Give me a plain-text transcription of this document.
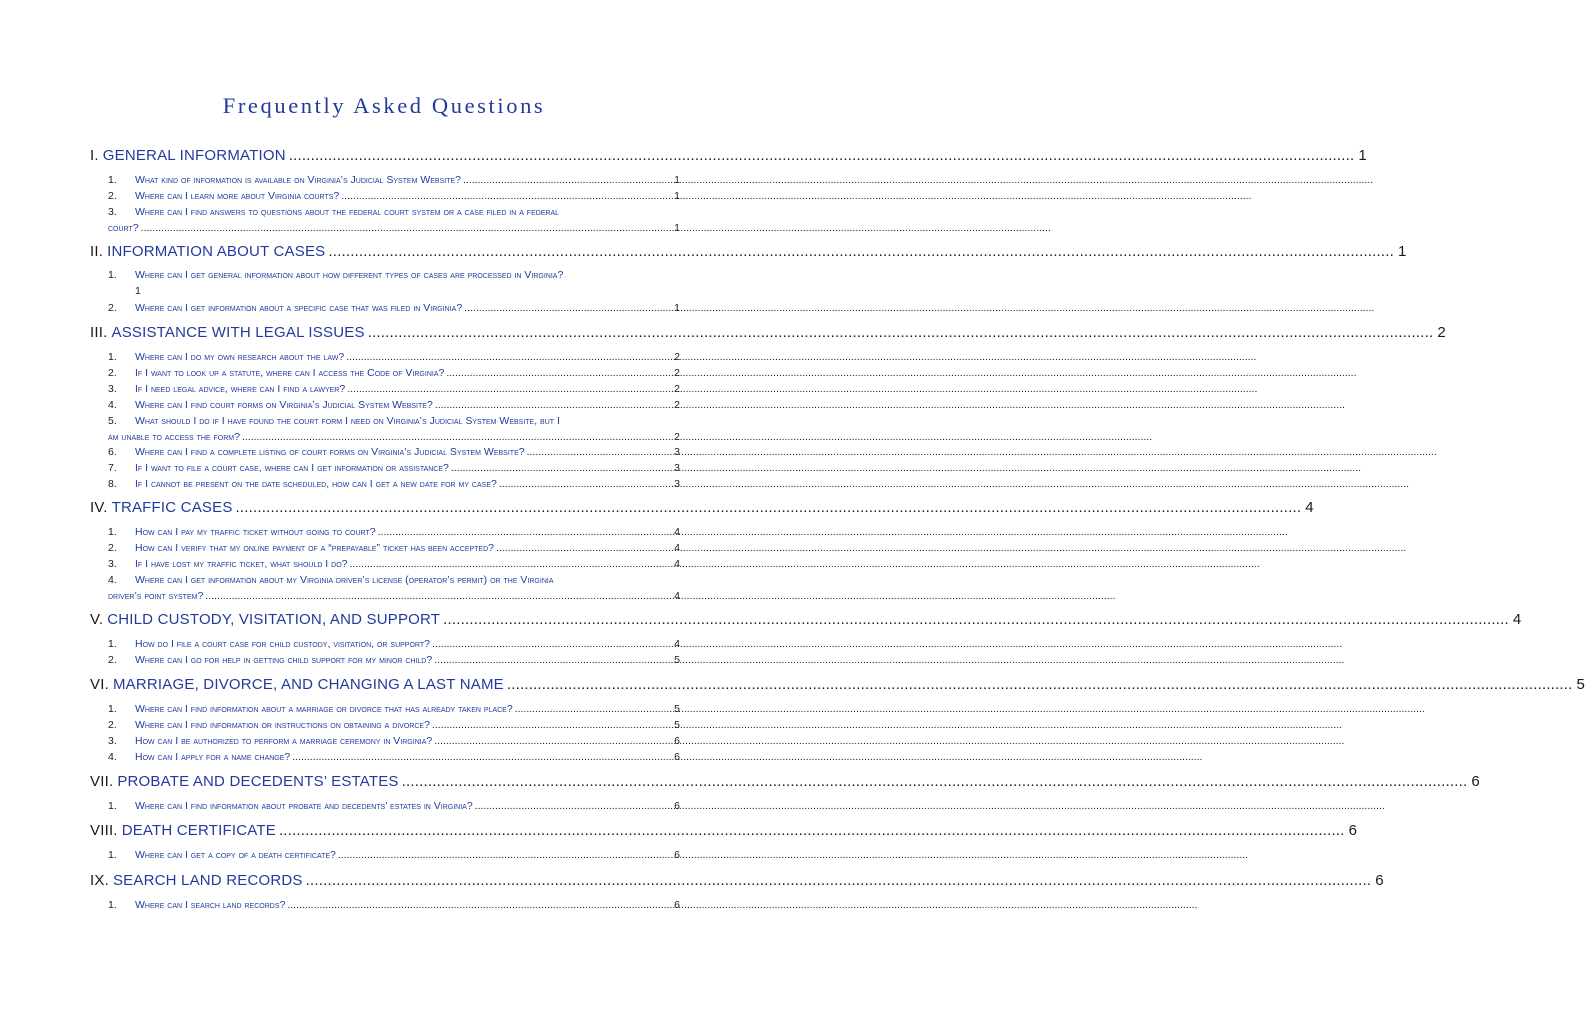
Frequently Asked Questions
I. GENERAL INFORMATION .....	1
1. What kind of information is available on Virginia’s Judicial System Website? .....	1
2. Where can I learn more about Virginia courts? .....	1
3. Where can I find answers to questions about the federal court system or a case filed in a federal
court? .....	1
II. INFORMATION ABOUT CASES .....	1
1. Where can I get general information about how different types of cases are processed in Virginia?
1
2. Where can I get information about a specific case that was filed in Virginia? .....	1
III. ASSISTANCE WITH LEGAL ISSUES .....	2
1. Where can I do my own research about the law? .....	2
2. If I want to look up a statute, where can I access the Code of Virginia? .....	2
3. If I need legal advice, where can I find a lawyer? .....	2
4. Where can I find court forms on Virginia’s Judicial System Website? .....	2
5. What should I do if I have found the court form I need on Virginia’s Judicial System Website, but I
am unable to access the form? .....	2
6. Where can I find a complete listing of court forms on Virginia’s Judicial System Website? .....	3
7. If I want to file a court case, where can I get information or assistance? .....	3
8. If I cannot be present on the date scheduled, how can I get a new date for my case? .....	3
IV. TRAFFIC CASES .....	4
1. How can I pay my traffic ticket without going to court? .....	4
2. How can I verify that my online payment of a “prepayable” ticket has been accepted? .....	4
3. If I have lost my traffic ticket, what should I do? .....	4
4. Where can I get information about my Virginia driver’s license (operator’s permit) or the Virginia
driver’s point system? .....	4
V. CHILD CUSTODY, VISITATION, AND SUPPORT .....	4
1. How do I file a court case for child custody, visitation, or support? .....	4
2. Where can I go for help in getting child support for my minor child? .....	5
VI. MARRIAGE, DIVORCE, AND CHANGING A LAST NAME .....	5
1. Where can I find information about a marriage or divorce that has already taken place? .....	5
2. Where can I find information or instructions on obtaining a divorce? .....	5
3. How can I be authorized to perform a marriage ceremony in Virginia? .....	6
4. How can I apply for a name change? .....	6
VII. PROBATE AND DECEDENTS’ ESTATES .....	6
1. Where can I find information about probate and decedents’ estates in Virginia? .....	6
VIII. DEATH CERTIFICATE .....	6
1. Where can I get a copy of a death certificate? .....	6
IX. SEARCH LAND RECORDS .....	6
1. Where can I search land records? .....	6
